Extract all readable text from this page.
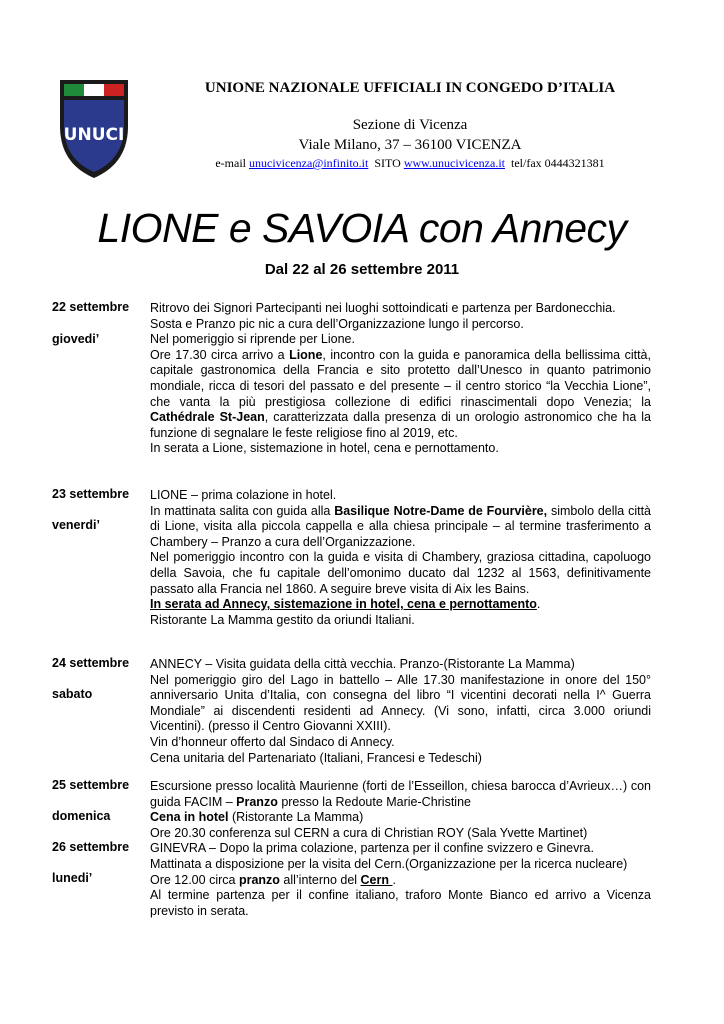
UNUCI
UNIONE NAZIONALE UFFICIALI IN CONGEDO D’ITALIA
Sezione di Vicenza
Viale Milano, 37 – 36100 VICENZA
e-mail unucivicenza@infinito.it SITO www.unucivicenza.it tel/fax 0444321381
LIONE e SAVOIA con Annecy
Dal 22 al 26 settembre 2011
22 settembre
giovedi’
23 settembre
venerdi’
24 settembre
sabato
25 settembre
domenica
26 settembre
lunedi’

Ritrovo dei Signori Partecipanti nei luoghi sottoindicati e partenza per Bardonecchia.

Sosta e Pranzo pic nic a cura dell’Organizzazione lungo il percorso.

Nel pomeriggio si riprende per Lione.

Ore 17.30 circa arrivo a Lione, incontro con la guida e panoramica della bellissima città, capitale gastronomica della Francia e sito protetto dall’Unesco in quanto patrimonio mondiale, ricca di tesori del passato e del presente – il centro storico “la Vecchia Lione”, che vanta la più prestigiosa collezione di edifici rinascimentali dopo Venezia; la Cathédrale St-Jean, caratterizzata dalla presenza di un orologio astronomico che ha la funzione di segnalare le feste religiose fino al 2019, etc.

In serata a Lione, sistemazione in hotel, cena e pernottamento.

LIONE – prima colazione in hotel.

In mattinata salita con guida alla Basilique Notre-Dame de Fourvière, simbolo della città di Lione, visita alla piccola cappella e alla chiesa principale – al termine trasferimento a Chambery – Pranzo a cura dell’Organizzazione.

Nel pomeriggio incontro con la guida e visita di Chambery, graziosa cittadina, capoluogo della Savoia, che fu capitale dell’omonimo ducato dal 1232 al 1563, definitivamente passato alla Francia nel 1860. A seguire breve visita di Aix les Bains.

In serata ad Annecy, sistemazione in hotel, cena e pernottamento.

Ristorante La Mamma gestito da oriundi Italiani.

ANNECY – Visita guidata della città vecchia. Pranzo-(Ristorante La Mamma)

Nel pomeriggio giro del Lago in battello – Alle 17.30 manifestazione in onore del 150° anniversario Unita d’Italia, con consegna del libro “I vicentini decorati nella I^ Guerra Mondiale” ai discendenti residenti ad Annecy. (Vi sono, infatti, circa 3.000 oriundi Vicentini). (presso il Centro Giovanni XXIII).

Vin d’honneur offerto dal Sindaco di Annecy.

Cena unitaria del Partenariato (Italiani, Francesi e Tedeschi)

Escursione presso località Maurienne (forti de l’Esseillon, chiesa barocca d’Avrieux…) con guida FACIM – Pranzo presso la Redoute Marie-Christine

Cena in hotel (Ristorante La Mamma)

Ore 20.30 conferenza sul CERN a cura di Christian ROY (Sala Yvette Martinet)

GINEVRA – Dopo la prima colazione, partenza per il confine svizzero e Ginevra.

Mattinata a disposizione per la visita del Cern.(Organizzazione per la ricerca nucleare)

Ore 12.00 circa pranzo all’interno del Cern .

Al termine partenza per il confine italiano, traforo Monte Bianco ed arrivo a Vicenza previsto in serata.
